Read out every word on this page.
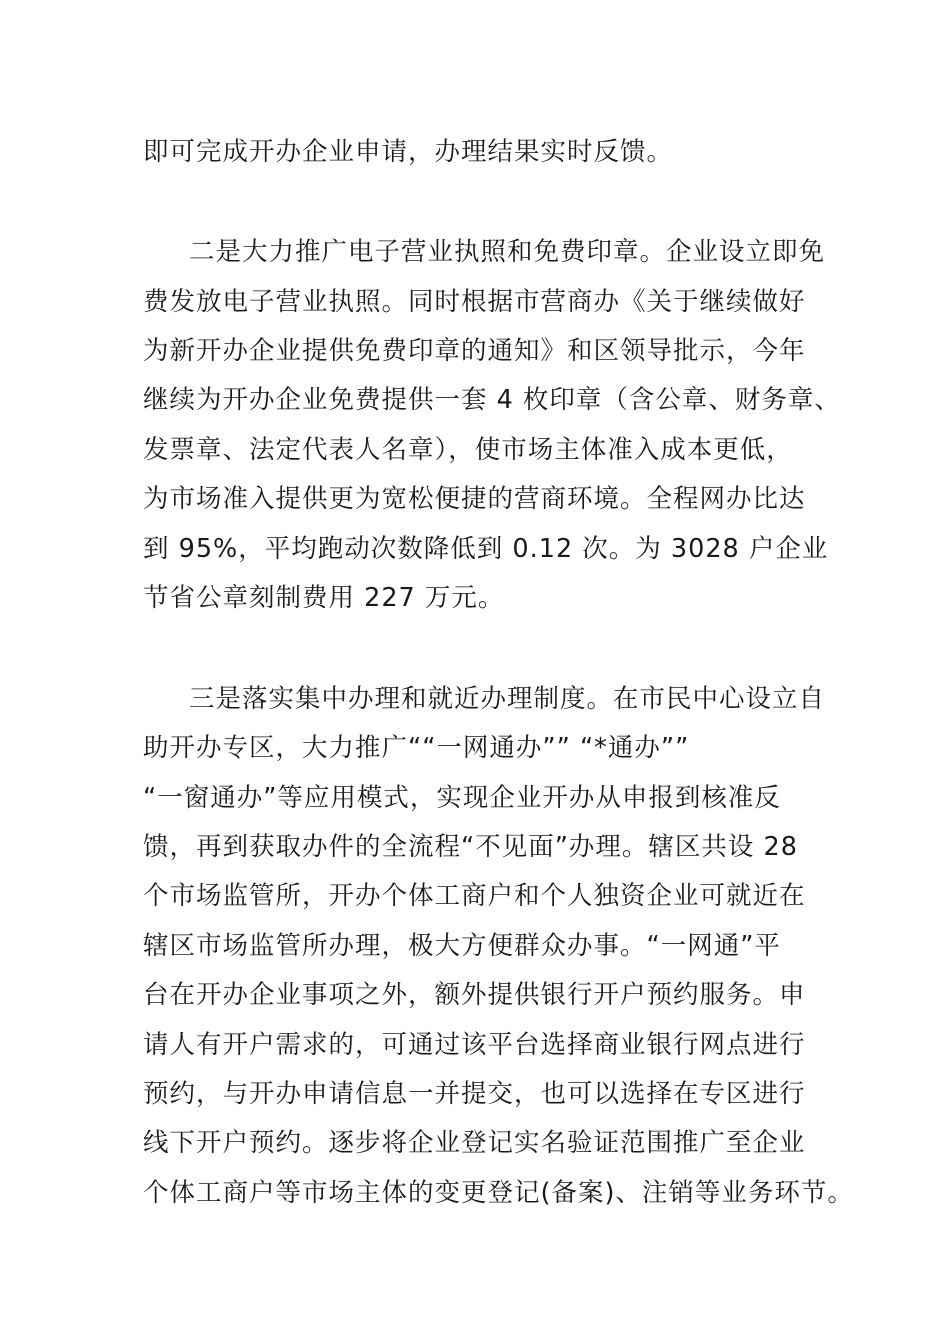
即可完成开办企业申请，办理结果实时反馈。
二是大力推广电子营业执照和免费印章。企业设立即免
费发放电子营业执照。同时根据市营商办《关于继续做好
为新开办企业提供免费印章的通知》和区领导批示，今年
继续为开办企业免费提供一套 4 枚印章（含公章、财务章、
发票章、法定代表人名章），使市场主体准入成本更低，
为市场准入提供更为宽松便捷的营商环境。全程网办比达
到 95%，平均跑动次数降低到 0.12 次。为 3028 户企业
节省公章刻制费用 227 万元。
三是落实集中办理和就近办理制度。在市民中心设立自
助开办专区，大力推广““一网通办”” “*通办””
“一窗通办”等应用模式，实现企业开办从申报到核准反
馈，再到获取办件的全流程“不见面”办理。辖区共设 28
个市场监管所，开办个体工商户和个人独资企业可就近在
辖区市场监管所办理，极大方便群众办事。“一网通”平
台在开办企业事项之外，额外提供银行开户预约服务。申
请人有开户需求的，可通过该平台选择商业银行网点进行
预约，与开办申请信息一并提交，也可以选择在专区进行
线下开户预约。逐步将企业登记实名验证范围推广至企业
个体工商户等市场主体的变更登记(备案)、注销等业务环节。
